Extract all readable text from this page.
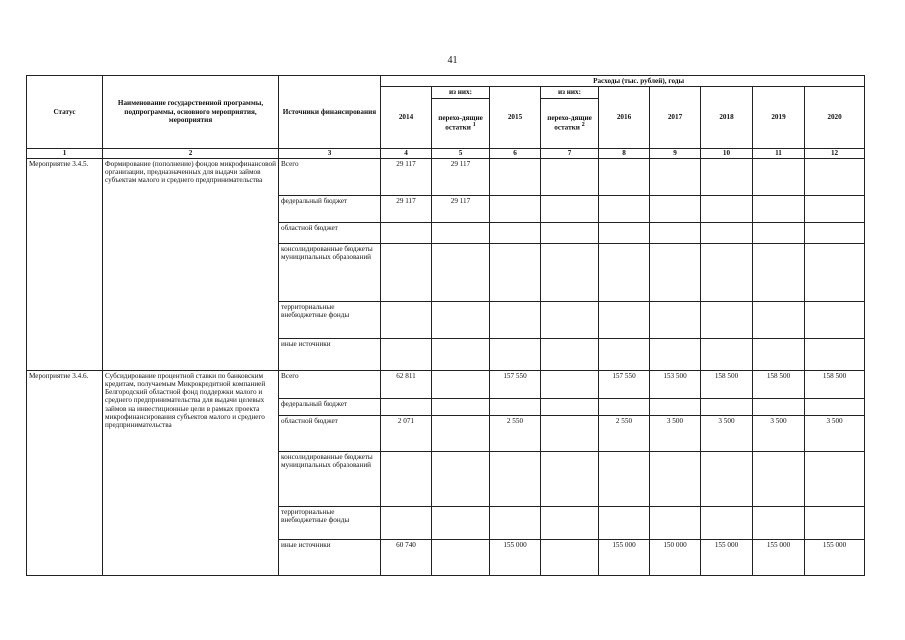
41
Статус	Наименование государственной программы, подпрограммы, основного мероприятия, мероприятия	Источники финансирования	Расходы (тыс. рублей), годы								
			2014	из них:	2015	из них:	2016	2017	2018	2019	2020
				перехо-дящие остатки $^1$		перехо-дящие остатки $^2$
1	2	3	4	5	6	7	8	9	10	11	12
Мероприятие 3.4.5.	Формирование (пополнение) фондов микрофинансовой организации, предназначенных для выдачи займов субъектам малого и среднего предпринимательства	Всего	29 117	29 117							
		федеральный бюджет	29 117	29 117							
		областной бюджет									
		консолидированные бюджеты муниципальных образований									
		территориальные внебюджетные фонды									
		иные источники									
Мероприятие 3.4.6.	Субсидирование процентной ставки по банковским кредитам, получаемым Микрокредитной компанией Белгородский областной фонд поддержки малого и среднего предпринимательства для выдачи целевых займов на инвестиционные цели в рамках проекта микрофинансирования субъектов малого и среднего предпринимательства	Всего	62 811		157 550		157 550	153 500	158 500	158 500	158 500
		федеральный бюджет									
		областной бюджет	2 071		2 550		2 550	3 500	3 500	3 500	3 500
		консолидированные бюджеты муниципальных образований									
		территориальные внебюджетные фонды									
		иные источники	60 740		155 000		155 000	150 000	155 000	155 000	155 000
